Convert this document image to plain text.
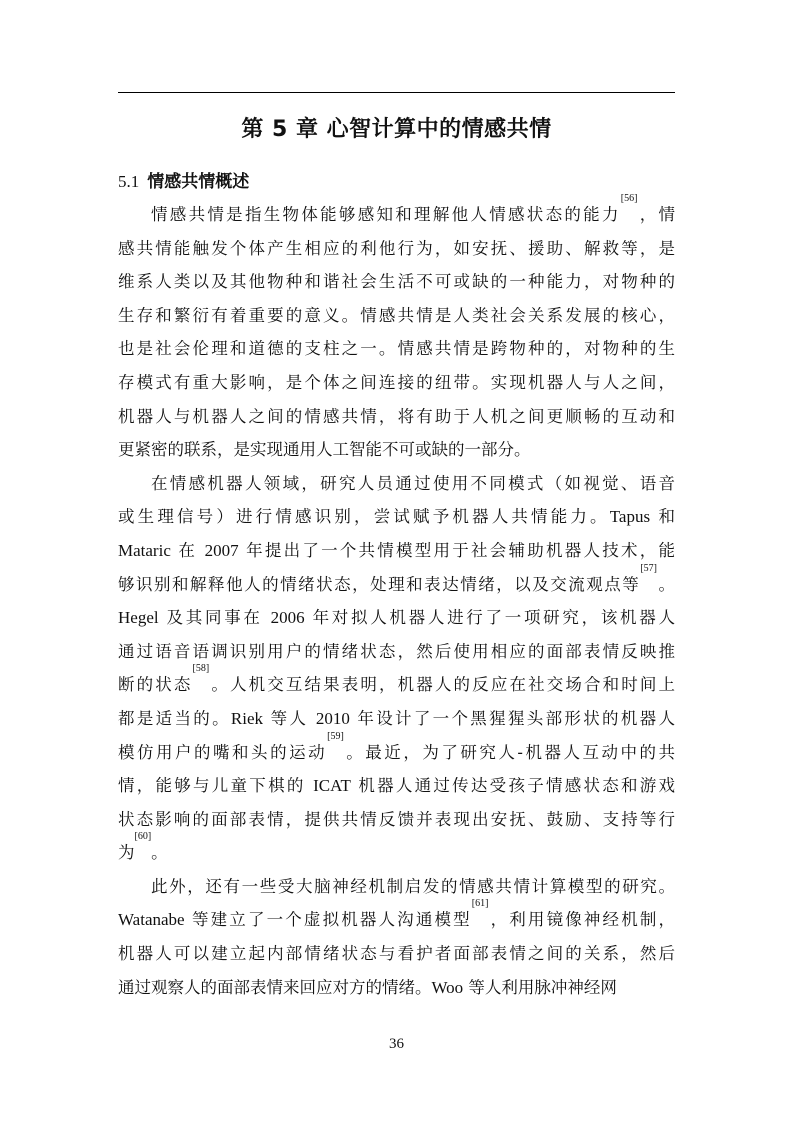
第 5 章 心智计算中的情感共情
5.1 情感共情概述
情感共情是指生物体能够感知和理解他人情感状态的能力[56]，情
感共情能触发个体产生相应的利他行为，如安抚、援助、解救等，是
维系人类以及其他物种和谐社会生活不可或缺的一种能力，对物种的
生存和繁衍有着重要的意义。情感共情是人类社会关系发展的核心，
也是社会伦理和道德的支柱之一。情感共情是跨物种的，对物种的生
存模式有重大影响，是个体之间连接的纽带。实现机器人与人之间，
机器人与机器人之间的情感共情，将有助于人机之间更顺畅的互动和
更紧密的联系，是实现通用人工智能不可或缺的一部分。
在情感机器人领域，研究人员通过使用不同模式（如视觉、语音
或生理信号）进行情感识别，尝试赋予机器人共情能力。Tapus 和
Mataric 在 2007 年提出了一个共情模型用于社会辅助机器人技术，能
够识别和解释他人的情绪状态，处理和表达情绪，以及交流观点等[57]。
Hegel 及其同事在 2006 年对拟人机器人进行了一项研究，该机器人
通过语音语调识别用户的情绪状态，然后使用相应的面部表情反映推
断的状态[58]。人机交互结果表明，机器人的反应在社交场合和时间上
都是适当的。Riek 等人 2010 年设计了一个黑猩猩头部形状的机器人
模仿用户的嘴和头的运动[59]。最近，为了研究人-机器人互动中的共
情，能够与儿童下棋的 ICAT 机器人通过传达受孩子情感状态和游戏
状态影响的面部表情，提供共情反馈并表现出安抚、鼓励、支持等行
为[60]。
此外，还有一些受大脑神经机制启发的情感共情计算模型的研究。
Watanabe 等建立了一个虚拟机器人沟通模型[61]，利用镜像神经机制，
机器人可以建立起内部情绪状态与看护者面部表情之间的关系，然后
通过观察人的面部表情来回应对方的情绪。Woo 等人利用脉冲神经网
36
